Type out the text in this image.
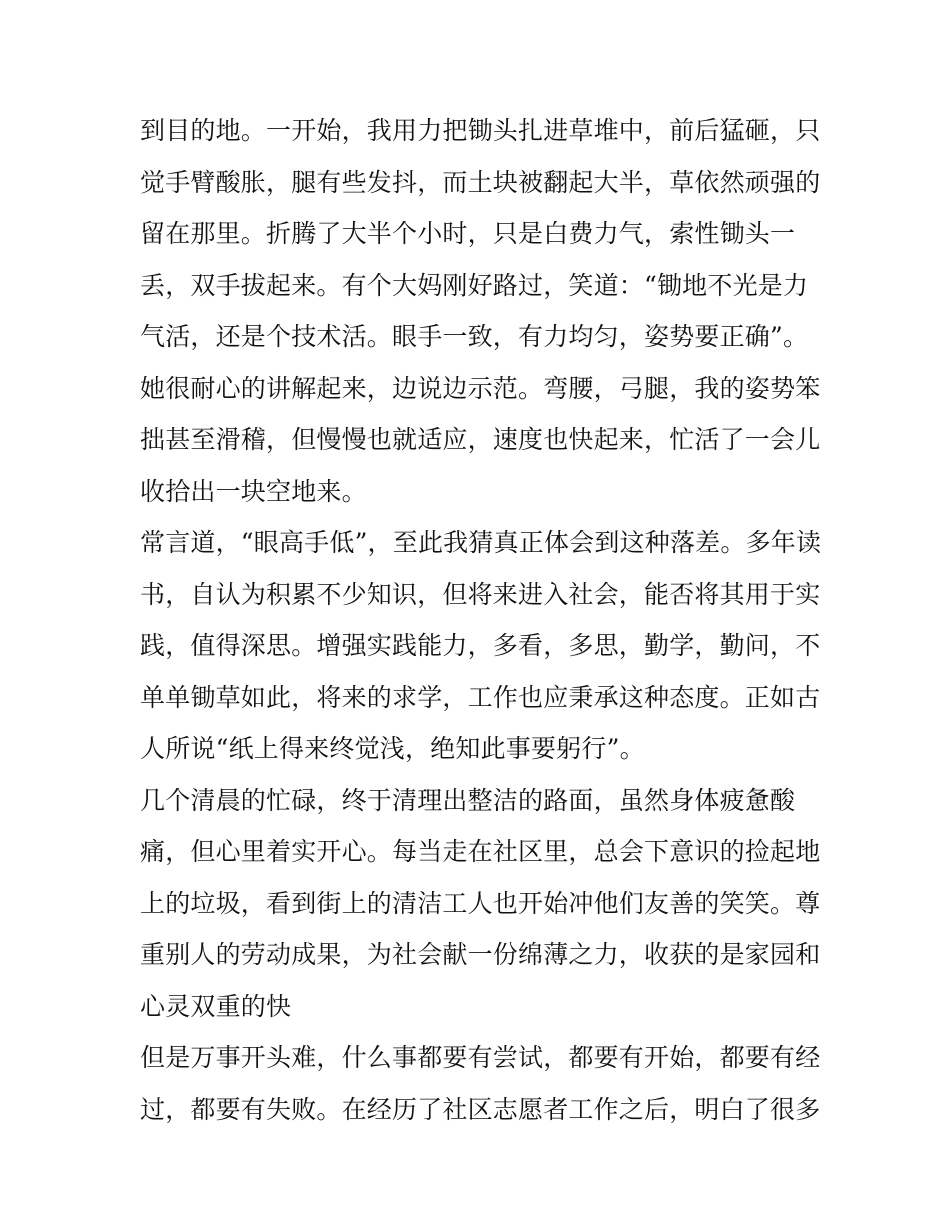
到目的地。一开始，我用力把锄头扎进草堆中，前后猛砸，只
觉手臂酸胀，腿有些发抖，而土块被翻起大半，草依然顽强的
留在那里。折腾了大半个小时，只是白费力气，索性锄头一
丢，双手拔起来。有个大妈刚好路过，笑道：“锄地不光是力
气活，还是个技术活。眼手一致，有力均匀，姿势要正确”。
她很耐心的讲解起来，边说边示范。弯腰，弓腿，我的姿势笨
拙甚至滑稽，但慢慢也就适应，速度也快起来，忙活了一会儿
收拾出一块空地来。
常言道，“眼高手低”，至此我猜真正体会到这种落差。多年读
书，自认为积累不少知识，但将来进入社会，能否将其用于实
践，值得深思。增强实践能力，多看，多思，勤学，勤问，不
单单锄草如此，将来的求学，工作也应秉承这种态度。正如古
人所说“纸上得来终觉浅，绝知此事要躬行”。
几个清晨的忙碌，终于清理出整洁的路面，虽然身体疲惫酸
痛，但心里着实开心。每当走在社区里，总会下意识的捡起地
上的垃圾，看到街上的清洁工人也开始冲他们友善的笑笑。尊
重别人的劳动成果，为社会献一份绵薄之力，收获的是家园和
心灵双重的快
但是万事开头难，什么事都要有尝试，都要有开始，都要有经
过，都要有失败。在经历了社区志愿者工作之后，明白了很多
